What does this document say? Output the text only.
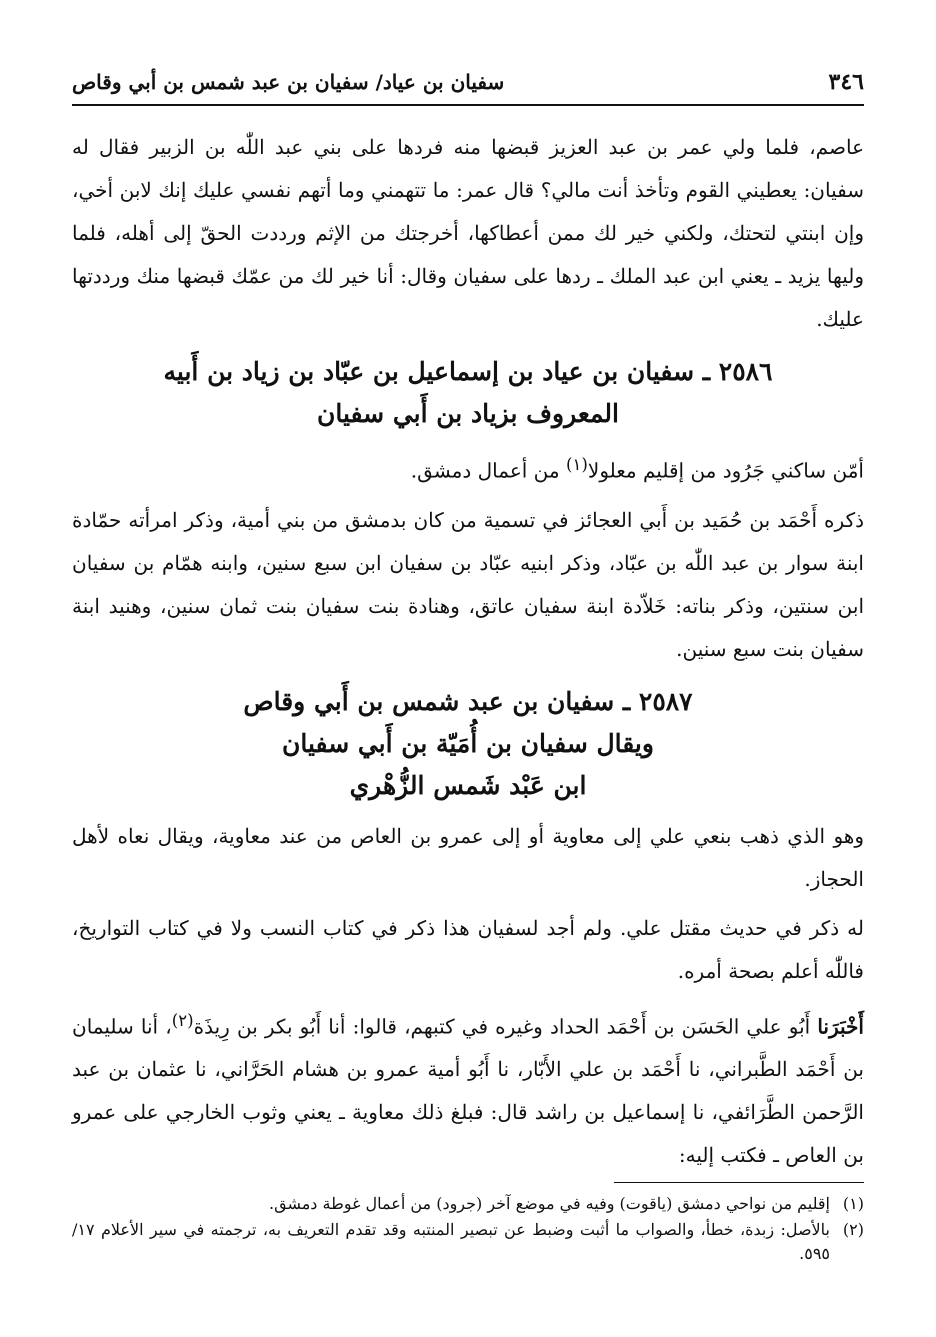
٣٤٦
سفيان بن عياد/ سفيان بن عبد شمس بن أبي وقاص

عاصم، فلما ولي عمر بن عبد العزيز قبضها منه فردها على بني عبد اللّٰه بن الزبير فقال له سفيان: يعطيني القوم وتأخذ أنت مالي؟ قال عمر: ما تتهمني وما أتهم نفسي عليك إنك لابن أخي، وإن ابنتي لتحتك، ولكني خير لك ممن أعطاكها، أخرجتك من الإثم ورددت الحقّ إلى أهله، فلما وليها يزيد ـ يعني ابن عبد الملك ـ ردها على سفيان وقال: أنا خير لك من عمّك قبضها منك ورددتها عليك.

٢٥٨٦ ـ سفيان بن عياد بن إسماعيل بن عبّاد بن زياد بن أَبيه
المعروف بزياد بن أَبي سفيان

أمّن ساكني جَرُود من إقليم معلولا$^{(١)}$ من أعمال دمشق.

ذكره أَحْمَد بن حُمَيد بن أَبي العجائز في تسمية من كان بدمشق من بني أمية، وذكر امرأته حمّادة ابنة سوار بن عبد اللّٰه بن عبّاد، وذكر ابنيه عبّاد بن سفيان ابن سبع سنين، وابنه همّام بن سفيان ابن سنتين، وذكر بناته: خَلاّدة ابنة سفيان عاتق، وهنادة بنت سفيان بنت ثمان سنين، وهنيد ابنة سفيان بنت سبع سنين.

٢٥٨٧ ـ سفيان بن عبد شمس بن أَبي وقاص
ويقال سفيان بن أُمَيّة بن أَبي سفيان
ابن عَبْد شَمس الزُّهْري

وهو الذي ذهب بنعي علي إلى معاوية أو إلى عمرو بن العاص من عند معاوية، ويقال نعاه لأهل الحجاز.

له ذكر في حديث مقتل علي. ولم أجد لسفيان هذا ذكر في كتاب النسب ولا في كتاب التواريخ، فاللّٰه أعلم بصحة أمره.

أَخْبَرَنا أَبُو علي الحَسَن بن أَحْمَد الحداد وغيره في كتبهم، قالوا: أنا أَبُو بكر بن رِيذَة$^{(٢)}$، أنا سليمان بن أَحْمَد الطَّبراني، نا أَحْمَد بن علي الأَبّار، نا أَبُو أمية عمرو بن هشام الحَرَّاني، نا عثمان بن عبد الرَّحمن الطَّرَائفي، نا إسماعيل بن راشد قال: فبلغ ذلك معاوية ـ يعني وثوب الخارجي على عمرو بن العاص ـ فكتب إليه:

(١)
إقليم من نواحي دمشق (ياقوت) وفيه في موضع آخر (جرود) من أعمال غوطة دمشق.
(٢)
بالأصل: زبدة، خطأ، والصواب ما أثبت وضبط عن تبصير المنتبه وقد تقدم التعريف به، ترجمته في سير الأعلام ١٧/ ٥٩٥.
